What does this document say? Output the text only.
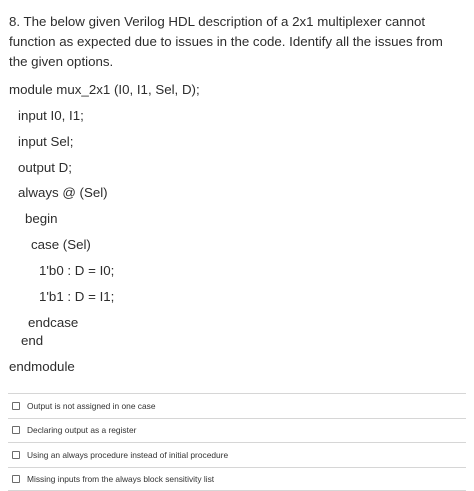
8. The below given Verilog HDL description of a 2x1 multiplexer cannot function as expected due to issues in the code. Identify all the issues from the given options.
module mux_2x1 (I0, I1, Sel, D);
input I0, I1;
input Sel;
output D;
always @ (Sel)
begin
case (Sel)
1'b0 : D = I0;
1'b1 : D = I1;
endcase
end
endmodule
Output is not assigned in one case
Declaring output as a register
Using an always procedure instead of initial procedure
Missing inputs from the always block sensitivity list
